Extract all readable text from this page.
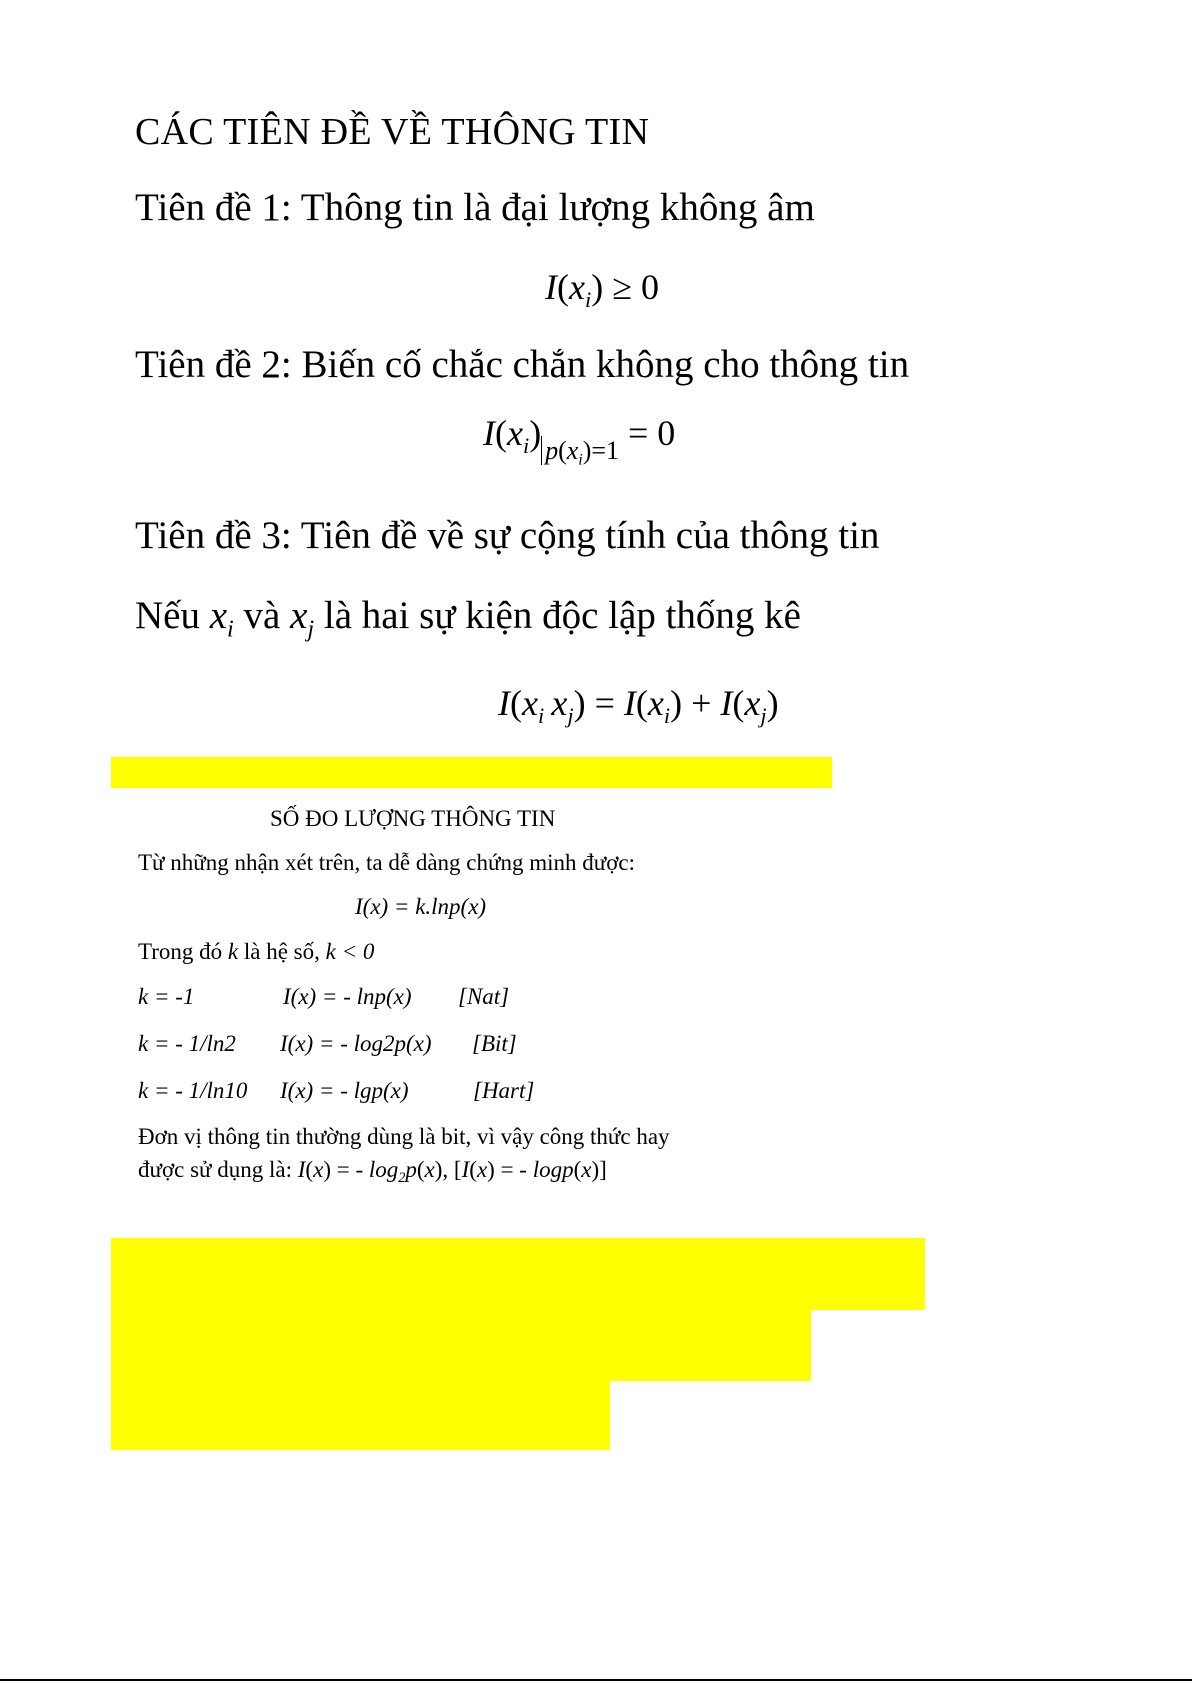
CÁC TIÊN ĐỀ VỀ THÔNG TIN
Tiên đề 1: Thông tin là đại lượng không âm
$I(x_i) \ge 0$
Tiên đề 2: Biến cố chắc chắn không cho thông tin
$I(x_i) _{p(x_i)=1} = 0$
Tiên đề 3: Tiên đề về sự cộng tính của thông tin
Nếu $x_i$ và $x_j$ là hai sự kiện độc lập thống kê
$I(x_i$  $x_j) = I(x_i) + I(x_j)$
SỐ ĐO LƯỢNG THÔNG TIN
Từ những nhận xét trên, ta dễ dàng chứng minh được:
I(x) = k.lnp(x)
Trong đó k là hệ số, k < 0
k = -1	I(x) = - lnp(x) [Nat]
k = - 1/ln2 I(x) = - log2p(x) [Bit]
k = - 1/ln10 I(x) = - lgp(x)	[Hart]
Đơn vị thông tin thường dùng là bit, vì vậy công thức hay
được sử dụng là: I(x) = - $\log_2p(x)$, [I(x) = - logp(x)]
